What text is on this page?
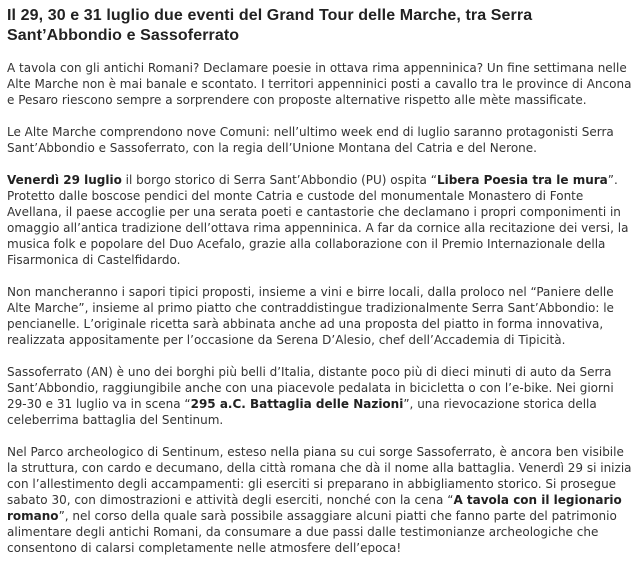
Il 29, 30 e 31 luglio due eventi del Grand Tour delle Marche, tra Serra Sant’Abbondio e Sassoferrato

A tavola con gli antichi Romani? Declamare poesie in ottava rima appenninica? Un fine settimana nelle Alte Marche non è mai banale e scontato. I territori appenninici posti a cavallo tra le province di Ancona e Pesaro riescono sempre a sorprendere con proposte alternative rispetto alle mète massificate.

Le Alte Marche comprendono nove Comuni: nell’ultimo week end di luglio saranno protagonisti Serra Sant’Abbondio e Sassoferrato, con la regia dell’Unione Montana del Catria e del Nerone.

Venerdì 29 luglio il borgo storico di Serra Sant’Abbondio (PU) ospita “Libera Poesia tra le mura”. Protetto dalle boscose pendici del monte Catria e custode del monumentale Monastero di Fonte Avellana, il paese accoglie per una serata poeti e cantastorie che declamano i propri componimenti in omaggio all’antica tradizione dell’ottava rima appenninica. A far da cornice alla recitazione dei versi, la musica folk e popolare del Duo Acefalo, grazie alla collaborazione con il Premio Internazionale della Fisarmonica di Castelfidardo.

Non mancheranno i sapori tipici proposti, insieme a vini e birre locali, dalla proloco nel “Paniere delle Alte Marche”, insieme al primo piatto che contraddistingue tradizionalmente Serra Sant’Abbondio: le pencianelle. L’originale ricetta sarà abbinata anche ad una proposta del piatto in forma innovativa, realizzata appositamente per l’occasione da Serena D’Alesio, chef dell’Accademia di Tipicità.

Sassoferrato (AN) è uno dei borghi più belli d’Italia, distante poco più di dieci minuti di auto da Serra Sant’Abbondio, raggiungibile anche con una piacevole pedalata in bicicletta o con l’e-bike. Nei giorni 29-30 e 31 luglio va in scena “295 a.C. Battaglia delle Nazioni”, una rievocazione storica della celeberrima battaglia del Sentinum.

Nel Parco archeologico di Sentinum, esteso nella piana su cui sorge Sassoferrato, è ancora ben visibile la struttura, con cardo e decumano, della città romana che dà il nome alla battaglia. Venerdì 29 si inizia con l’allestimento degli accampamenti: gli eserciti si preparano in abbigliamento storico. Si prosegue sabato 30, con dimostrazioni e attività degli eserciti, nonché con la cena “A tavola con il legionario romano”, nel corso della quale sarà possibile assaggiare alcuni piatti che fanno parte del patrimonio alimentare degli antichi Romani, da consumare a due passi dalle testimonianze archeologiche che consentono di calarsi completamente nelle atmosfere dell’epoca!
